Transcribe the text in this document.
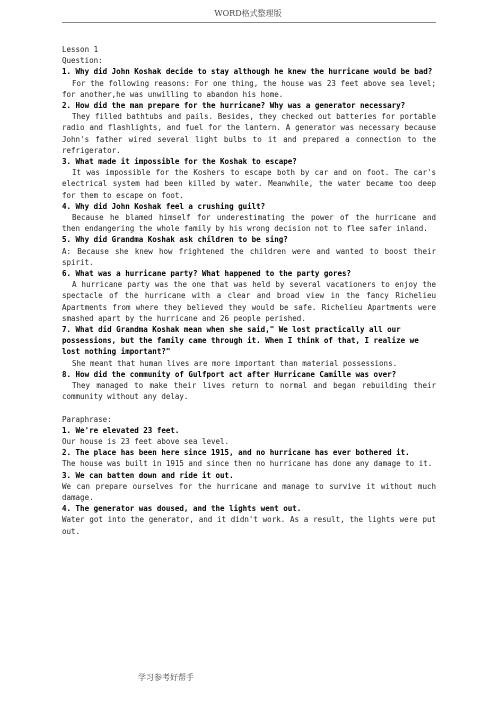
WORD格式整理版

Lesson 1

Question:

1. Why did John Koshak decide to stay although he knew the hurricane would be bad?

For the following reasons: For one thing, the house was 23 feet above sea level; for another,he was unwilling to abandon his home.

2. How did the man prepare for the hurricane? Why was a generator necessary?

They filled bathtubs and pails. Besides, they checked out batteries for portable radio and flashlights, and fuel for the lantern. A generator was necessary because John's father wired several light bulbs to it and prepared a connection to the refrigerator.

3. What made it impossible for the Koshak to escape?

It was impossible for the Koshers to escape both by car and on foot. The car's electrical system had been killed by water. Meanwhile, the water became too deep for them to escape on foot.

4. Why did John Koshak feel a crushing guilt?

Because he blamed himself for underestimating the power of the hurricane and then endangering the whole family by his wrong decision not to flee safer inland.

5. Why did Grandma Koshak ask children to be sing?

A: Because she knew how frightened the children were and wanted to boost their spirit.

6. What was a hurricane party? What happened to the party gores?

A hurricane party was the one that was held by several vacationers to enjoy the spectacle of the hurricane with a clear and broad view in the fancy Richelieu Apartments from where they believed they would be safe. Richelieu Apartments were smashed apart by the hurricane and 26 people perished.

7. What did Grandma Koshak mean when she said," We lost practically all our possessions, but the family came through it. When I think of that, I realize we lost nothing important?"

She meant that human lives are more important than material possessions.

8. How did the community of Gulfport act after Hurricane Camille was over?

They managed to make their lives return to normal and began rebuilding their community without any delay.

Paraphrase:

1. We're elevated 23 feet.

Our house is 23 feet above sea level.

2. The place has been here since 1915, and no hurricane has ever bothered it.

The house was built in 1915 and since then no hurricane has done any damage to it.

3. We can batten down and ride it out.

We can prepare ourselves for the hurricane and manage to survive it without much damage.

4. The generator was doused, and the lights went out.

Water got into the generator, and it didn't work. As a result, the lights were put out.

学习参考好帮手
